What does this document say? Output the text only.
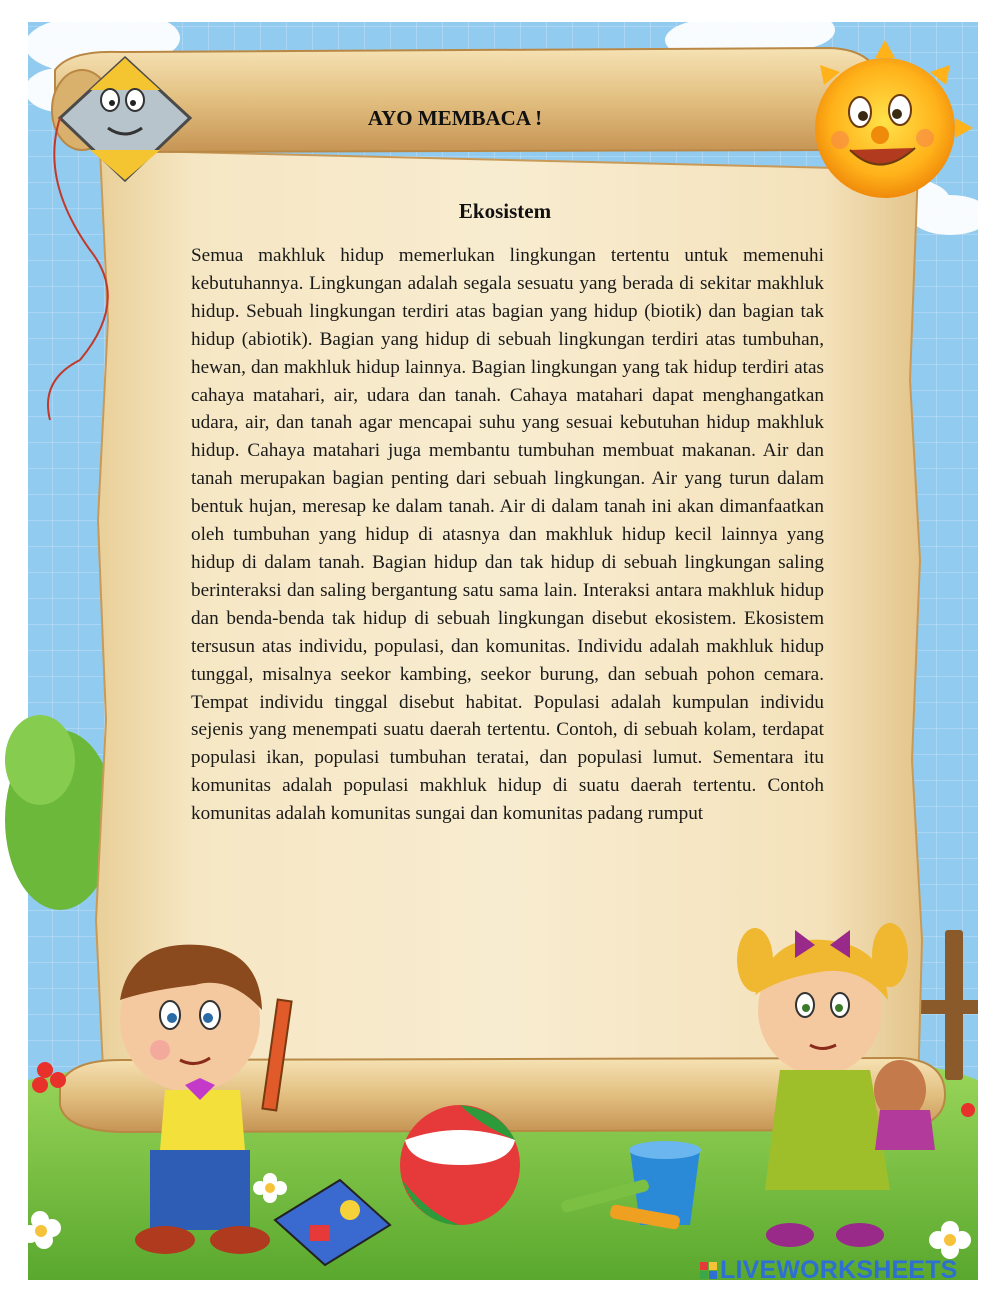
AYO MEMBACA !
Ekosistem

Semua makhluk hidup memerlukan lingkungan tertentu untuk memenuhi kebutuhannya. Lingkungan adalah segala sesuatu yang berada di sekitar makhluk hidup. Sebuah lingkungan terdiri atas bagian yang hidup (biotik) dan bagian tak hidup (abiotik). Bagian yang hidup di sebuah lingkungan terdiri atas tumbuhan, hewan, dan makhluk hidup lainnya. Bagian lingkungan yang tak hidup terdiri atas cahaya matahari, air, udara dan tanah. Cahaya matahari dapat menghangatkan udara, air, dan tanah agar mencapai suhu yang sesuai kebutuhan hidup makhluk hidup. Cahaya matahari juga membantu tumbuhan membuat makanan. Air dan tanah merupakan bagian penting dari sebuah lingkungan. Air yang turun dalam bentuk hujan, meresap ke dalam tanah. Air di dalam tanah ini akan dimanfaatkan oleh tumbuhan yang hidup di atasnya dan makhluk hidup kecil lainnya yang hidup di dalam tanah. Bagian hidup dan tak hidup di sebuah lingkungan saling berinteraksi dan saling bergantung satu sama lain. Interaksi antara makhluk hidup dan benda-benda tak hidup di sebuah lingkungan disebut ekosistem. Ekosistem tersusun atas individu, populasi, dan komunitas. Individu adalah makhluk hidup tunggal, misalnya seekor kambing, seekor burung, dan sebuah pohon cemara. Tempat individu tinggal disebut habitat. Populasi adalah kumpulan individu sejenis yang menempati suatu daerah tertentu. Contoh, di sebuah kolam, terdapat populasi ikan, populasi tumbuhan teratai, dan populasi lumut. Sementara itu komunitas adalah populasi makhluk hidup di suatu daerah tertentu. Contoh komunitas adalah komunitas sungai dan komunitas padang rumput

LIVEWORKSHEETS
